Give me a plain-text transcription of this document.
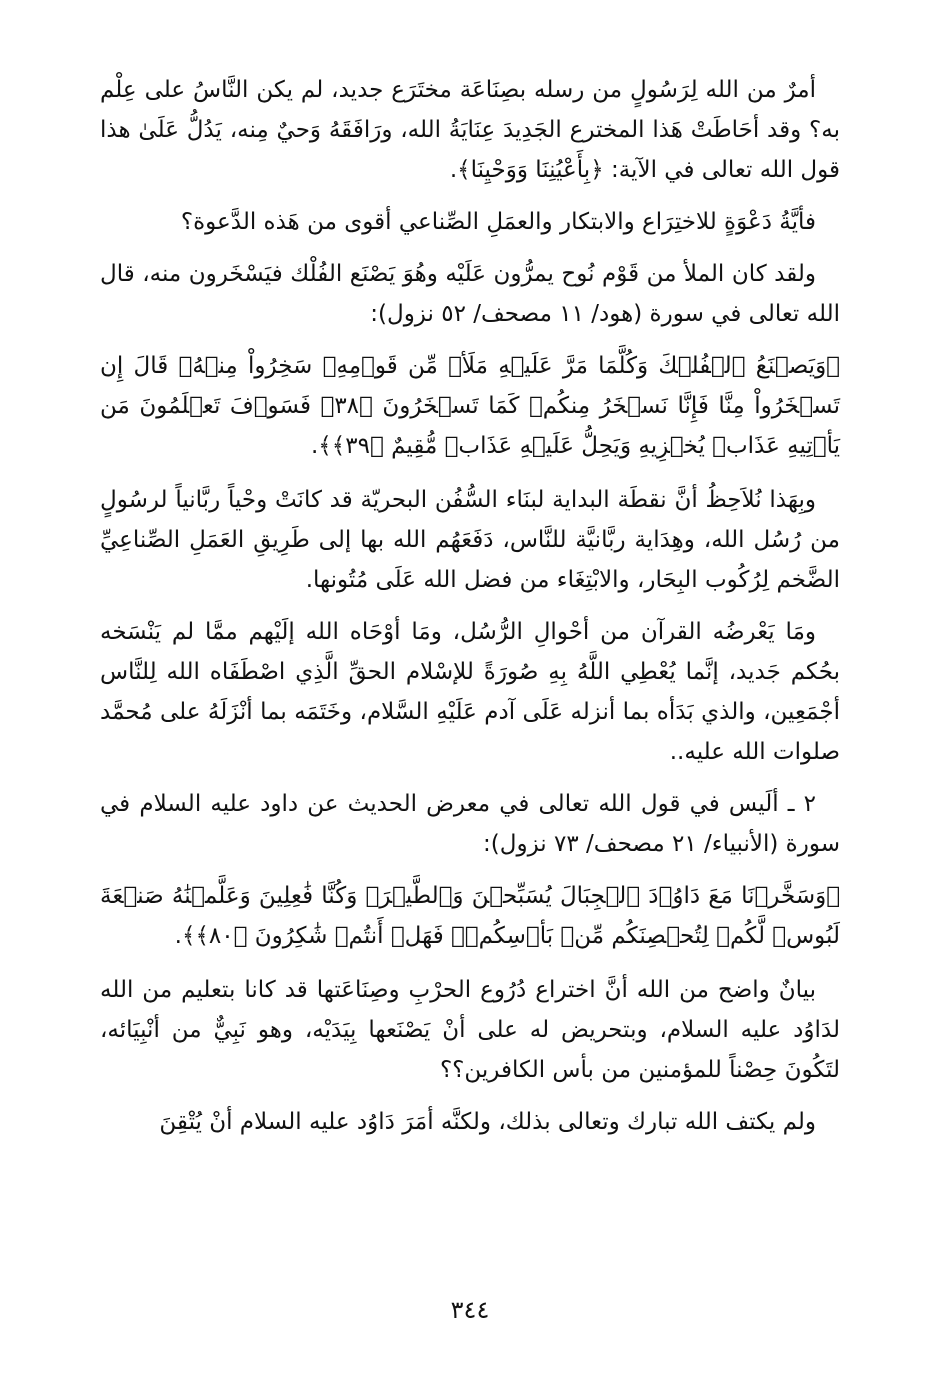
أمرٌ من الله لِرَسُولٍ من رسله بصِنَاعَة مختَرَع جديد، لم يكن النَّاسُ على عِلْم به؟ وقد أحَاطَتْ هَذا المخترع الجَدِيدَ عِنَايَةُ الله، ورَافَقَهُ وَحيٌ مِنه، يَدُلُّ عَلَىٰ هذا قول الله تعالى في الآية: ﴿بِأَعْيُنِنَا وَوَحْيِنَا﴾.

فأيَّةُ دَعْوَةٍ للاختِرَاع والابتكار والعمَلِ الصِّناعي أقوى من هَذه الدَّعوة؟

ولقد كان الملأ من قَوْم نُوح يمرُّون عَلَيْه وهُوَ يَصْنَع الفُلْك فيَسْخَرون منه، قال الله تعالى في سورة (هود/ ١١ مصحف/ ٥٢ نزول):

﴿وَيَصۡنَعُ ٱلۡفُلۡكَ وَكُلَّمَا مَرَّ عَلَيۡهِ مَلَأٞ مِّن قَوۡمِهِۦ سَخِرُواْ مِنۡهُۚ قَالَ إِن تَسۡخَرُواْ مِنَّا فَإِنَّا نَسۡخَرُ مِنكُمۡ كَمَا تَسۡخَرُونَ ﴿٣٨﴾ فَسَوۡفَ تَعۡلَمُونَ مَن يَأۡتِيهِ عَذَابٞ يُخۡزِيهِ وَيَحِلُّ عَلَيۡهِ عَذَابٞ مُّقِيمٌ ﴿٣٩﴾﴾.

وبِهَذا نُلاَحِظُ أنَّ نقطَة البداية لبنَاء السُّفُن البحريّة قد كانَتْ وحْياً ربَّانياً لرسُولٍ من رُسُل الله، وهِدَاية ربَّانيَّة للنَّاس، دَفَعَهُم الله بها إلى طَرِيقِ العَمَلِ الصِّناعِيِّ الضَّخم لِرُكُوب البِحَار، والابْتِغَاء من فضل الله عَلَى مُتُونها.

ومَا يَعْرضُه القرآن من أحْوالِ الرُّسُل، ومَا أوْحَاه الله إلَيْهم ممَّا لم يَنْسَخه بحُكم جَديد، إنَّما يُعْطِي اللَّهُ بِهِ صُورَةً للإسْلام الحقِّ الَّذِي اصْطَفَاه الله لِلنَّاس أجْمَعِين، والذي بَدَأه بما أنزله عَلَى آدم عَلَيْهِ السَّلام، وخَتَمَه بما أنْزَلَهُ على مُحمَّد صلوات الله عليه..

٢ ـ ألَيس في قول الله تعالى في معرض الحديث عن داود عليه السلام في سورة (الأنبياء/ ٢١ مصحف/ ٧٣ نزول):

﴿وَسَخَّرۡنَا مَعَ دَاوُۥدَ ٱلۡجِبَالَ يُسَبِّحۡنَ وَٱلطَّيۡرَۚ وَكُنَّا فَٰعِلِينَ وَعَلَّمۡنَٰهُ صَنۡعَةَ لَبُوسٖ لَّكُمۡ لِتُحۡصِنَكُم مِّنۢ بَأۡسِكُمۡۖ فَهَلۡ أَنتُمۡ شَٰكِرُونَ ﴿٨٠﴾﴾.

بيانٌ واضح من الله أنَّ اختراع دُرُوع الحرْبِ وصِنَاعَتها قد كانا بتعليم من الله لدَاوُد عليه السلام، وبتحريض له على أنْ يَصْنَعها بِيَدَيْه، وهو نَبِيٌّ من أنْبِيَائه، لتَكُونَ حِصْناً للمؤمنين من بأس الكافرين؟؟

ولم يكتف الله تبارك وتعالى بذلك، ولكنَّه أمَرَ دَاوُد عليه السلام أنْ يُتْقِنَ

٣٤٤
